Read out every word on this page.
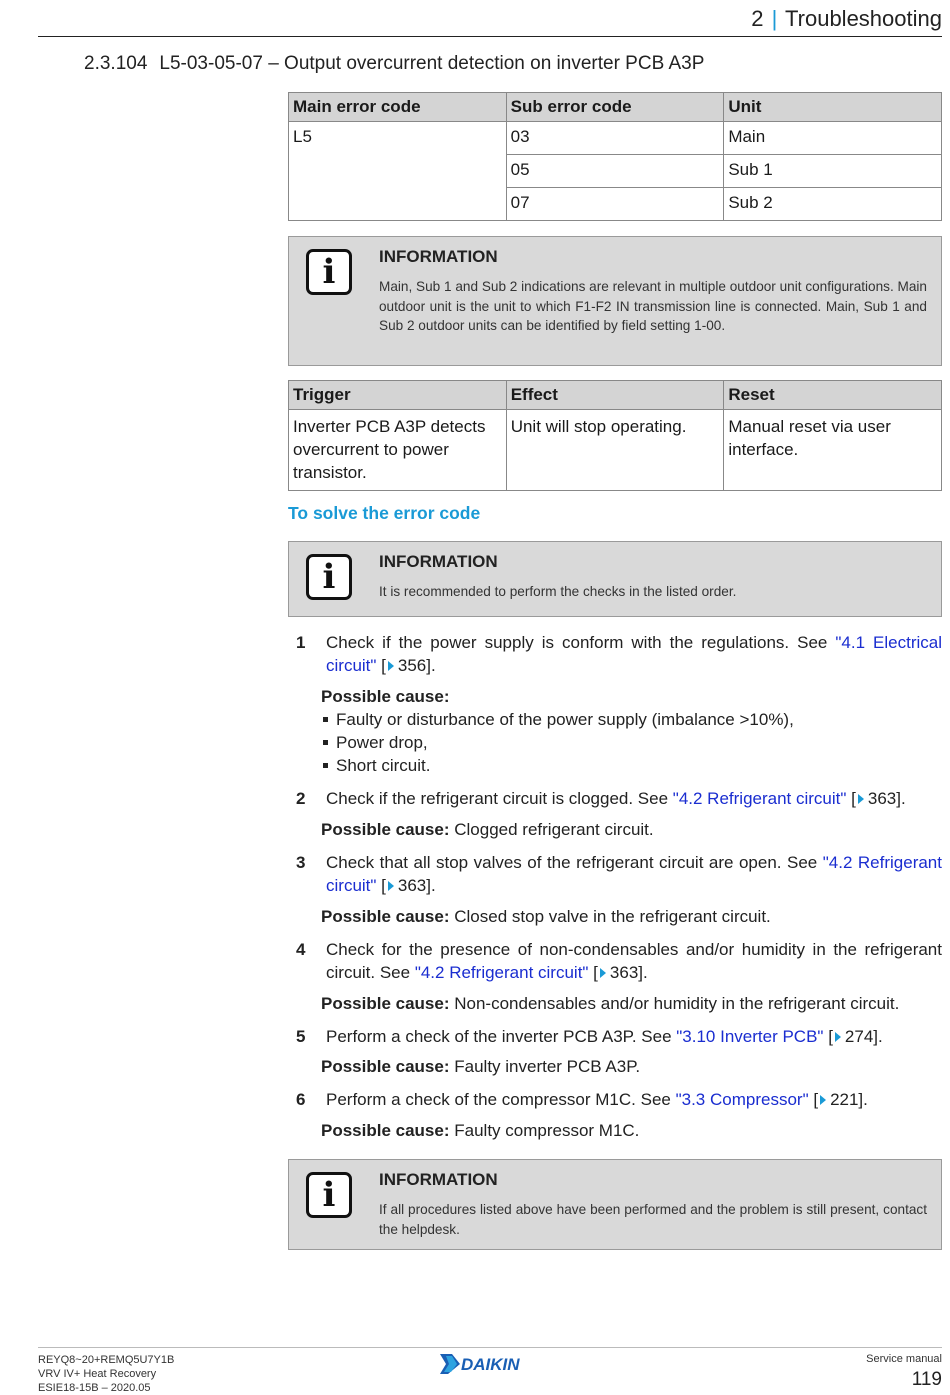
2 | Troubleshooting
2.3.104 L5-03-05-07 – Output overcurrent detection on inverter PCB A3P
Main error code	Sub error code	Unit
L5	03	Main
	05	Sub 1
	07	Sub 2
i	INFORMATION
Main, Sub 1 and Sub 2 indications are relevant in multiple outdoor unit configurations. Main outdoor unit is the unit to which F1-F2 IN transmission line is connected. Main, Sub 1 and Sub 2 outdoor units can be identified by field setting 1-00.
Trigger	Effect	Reset
Inverter PCB A3P detects overcurrent to power transistor.	Unit will stop operating.	Manual reset via user interface.
To solve the error code
i	INFORMATION
It is recommended to perform the checks in the listed order.
1 Check if the power supply is conform with the regulations. See "4.1 Electrical circuit" [ 356].
Possible cause:
Faulty or disturbance of the power supply (imbalance >10%),
Power drop,
Short circuit.
2 Check if the refrigerant circuit is clogged. See "4.2 Refrigerant circuit" [ 363].
Possible cause: Clogged refrigerant circuit.
3 Check that all stop valves of the refrigerant circuit are open. See "4.2 Refrigerant circuit" [ 363].
Possible cause: Closed stop valve in the refrigerant circuit.
4 Check for the presence of non-condensables and/or humidity in the refrigerant circuit. See "4.2 Refrigerant circuit" [ 363].
Possible cause: Non-condensables and/or humidity in the refrigerant circuit.
5 Perform a check of the inverter PCB A3P. See "3.10 Inverter PCB" [ 274].
Possible cause: Faulty inverter PCB A3P.
6 Perform a check of the compressor M1C. See "3.3 Compressor" [ 221].
Possible cause: Faulty compressor M1C.
i	INFORMATION
If all procedures listed above have been performed and the problem is still present, contact the helpdesk.
REYQ8~20+REMQ5U7Y1B
VRV IV+ Heat Recovery
ESIE18-15B – 2020.05
DAIKIN	Service manual
119
